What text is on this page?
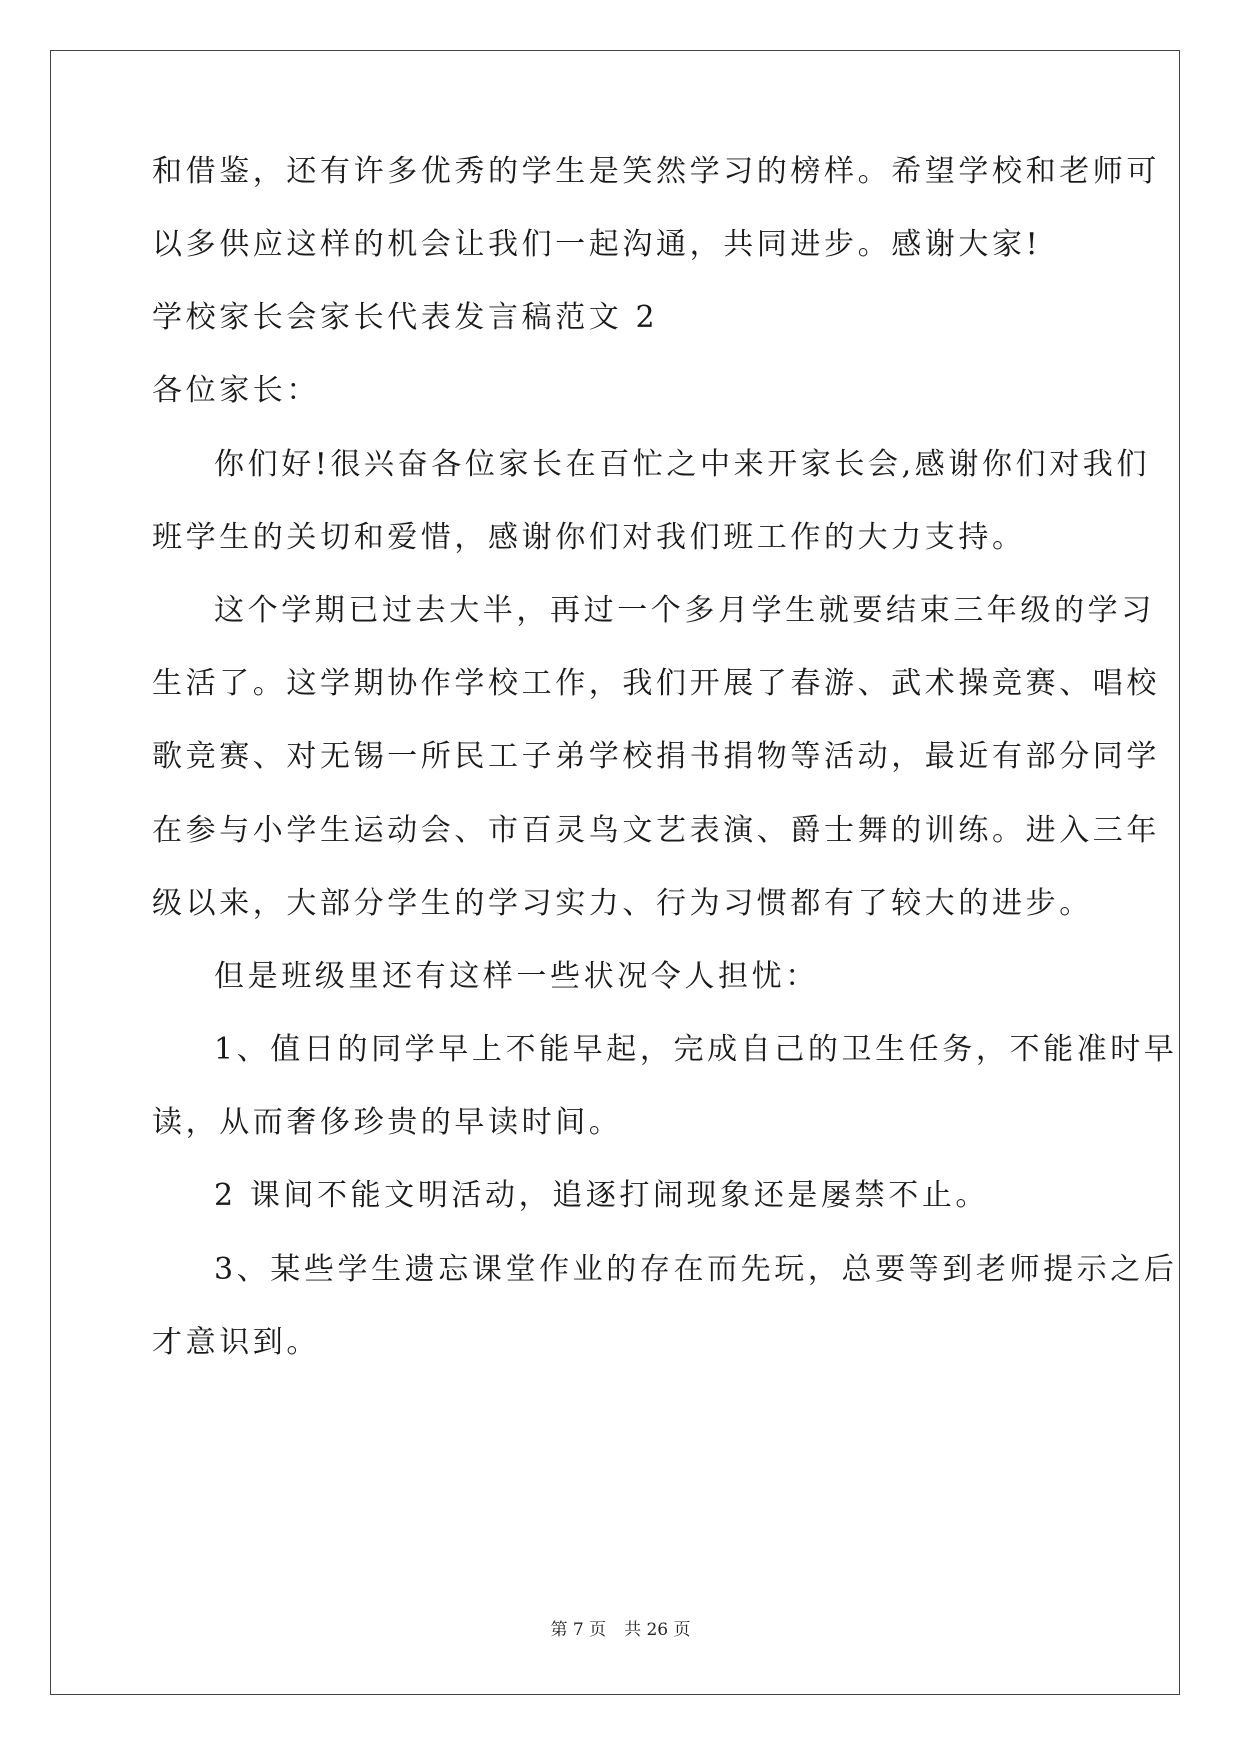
和借鉴，还有许多优秀的学生是笑然学习的榜样。希望学校和老师可
以多供应这样的机会让我们一起沟通，共同进步。感谢大家!
学校家长会家长代表发言稿范文 2
各位家长：
你们好!很兴奋各位家长在百忙之中来开家长会,感谢你们对我们
班学生的关切和爱惜，感谢你们对我们班工作的大力支持。
这个学期已过去大半，再过一个多月学生就要结束三年级的学习
生活了。这学期协作学校工作，我们开展了春游、武术操竞赛、唱校
歌竞赛、对无锡一所民工子弟学校捐书捐物等活动，最近有部分同学
在参与小学生运动会、市百灵鸟文艺表演、爵士舞的训练。进入三年
级以来，大部分学生的学习实力、行为习惯都有了较大的进步。
但是班级里还有这样一些状况令人担忧：
1、值日的同学早上不能早起，完成自己的卫生任务，不能准时早
读，从而奢侈珍贵的早读时间。
2 课间不能文明活动，追逐打闹现象还是屡禁不止。
3、某些学生遗忘课堂作业的存在而先玩，总要等到老师提示之后
才意识到。
第 7 页 共 26 页
